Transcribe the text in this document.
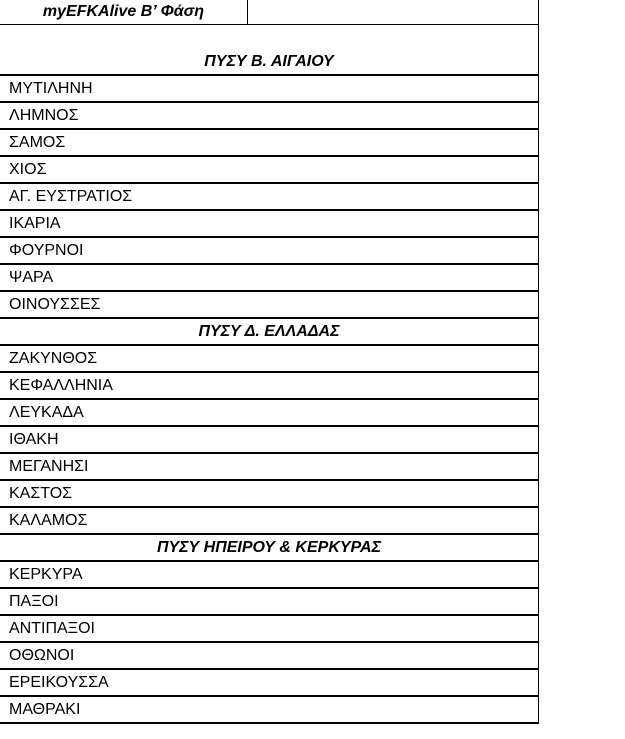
myEFKAlive Β’ Φάση
ΠΥΣΥ Β. ΑΙΓΑΙΟΥ
ΜΥΤΙΛΗΝΗ
ΛΗΜΝΟΣ
ΣΑΜΟΣ
ΧΙΟΣ
ΑΓ. ΕΥΣΤΡΑΤΙΟΣ
ΙΚΑΡΙΑ
ΦΟΥΡΝΟΙ
ΨΑΡΑ
ΟΙΝΟΥΣΣΕΣ
ΠΥΣΥ Δ. ΕΛΛΑΔΑΣ
ΖΑΚΥΝΘΟΣ
ΚΕΦΑΛΛΗΝΙΑ
ΛΕΥΚΑΔΑ
ΙΘΑΚΗ
ΜΕΓΑΝΗΣΙ
ΚΑΣΤΟΣ
ΚΑΛΑΜΟΣ
ΠΥΣΥ ΗΠΕΙΡΟΥ & ΚΕΡΚΥΡΑΣ
ΚΕΡΚΥΡΑ
ΠΑΞΟΙ
ΑΝΤΙΠΑΞΟΙ
ΟΘΩΝΟΙ
ΕΡΕΙΚΟΥΣΣΑ
ΜΑΘΡΑΚΙ
